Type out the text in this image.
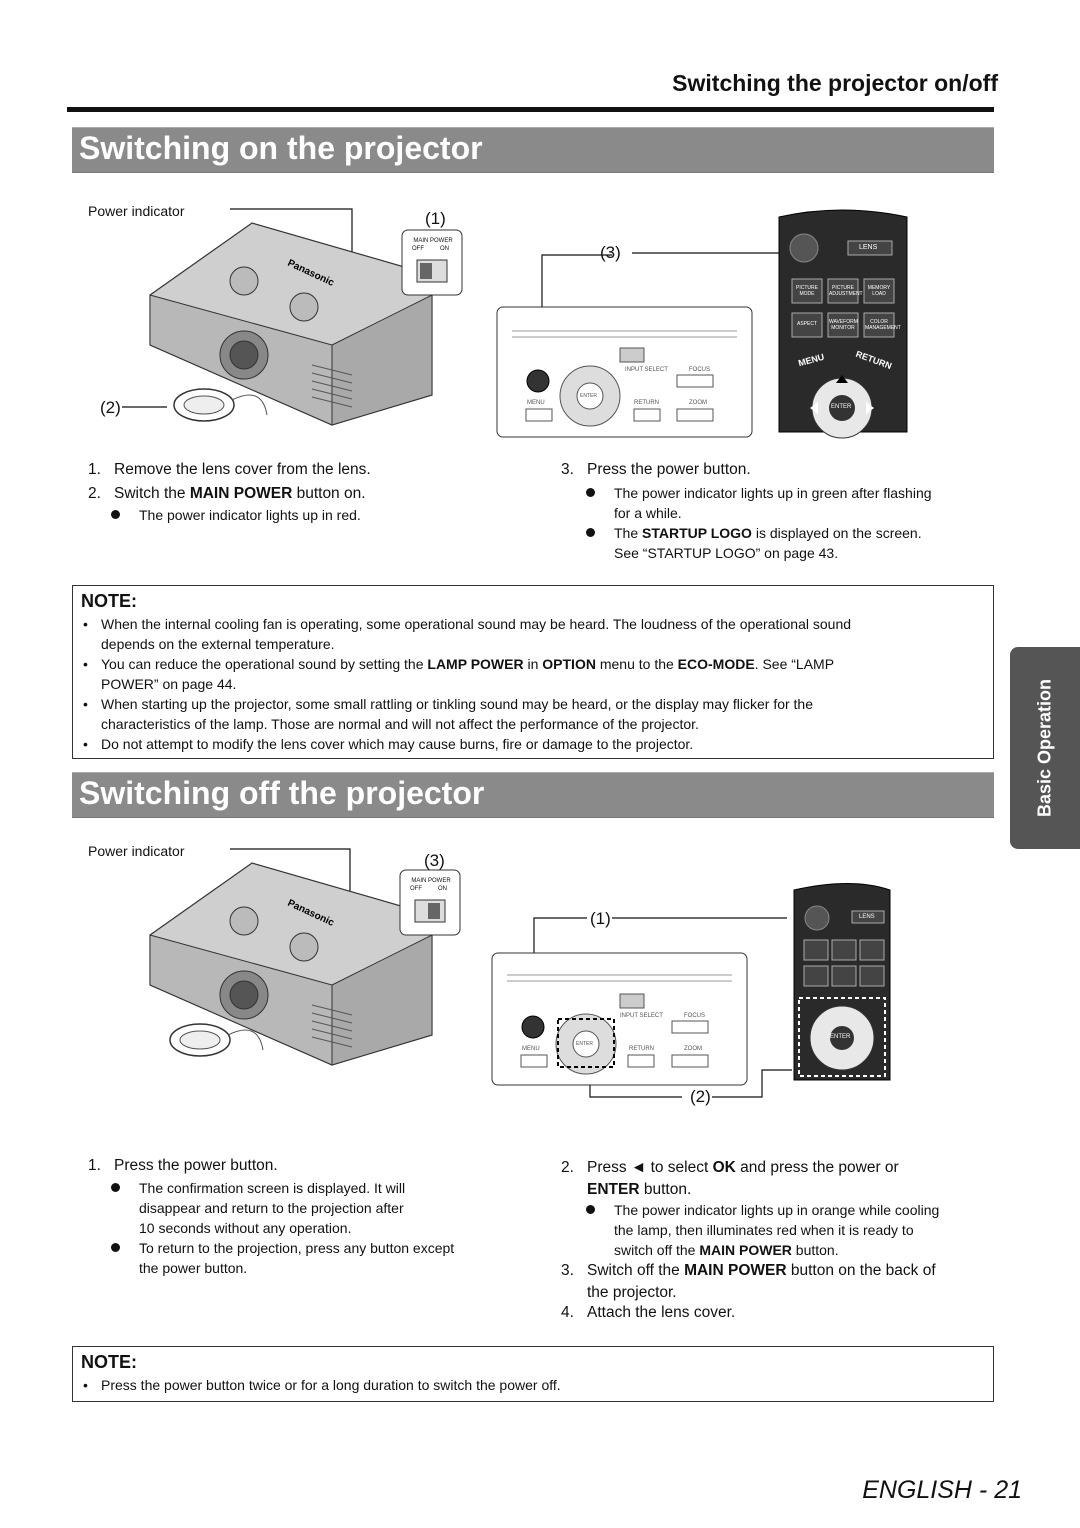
Switching the projector on/off
Switching on the projector
Power indicator
Panasonic
(1)
(2)
(3)
MAIN POWER
OFF	ON
INPUT SELECT	FOCUS
ZOOM
MENU	RETURN
ENTER
LENS
PICTURE MODE
PICTURE ADJUSTMENT
MEMORY LOAD
ASPECT	WAVEFORM MONITOR
COLOR MANAGEMENT
MENU	RETURN
ENTER
1. Remove the lens cover from the lens.
2. Switch the MAIN POWER button on.
The power indicator lights up in red.
3. Press the power button.
The power indicator lights up in green after flashing
for a while.
The STARTUP LOGO is displayed on the screen.
See “STARTUP LOGO” on page 43.
NOTE:
• When the internal cooling fan is operating, some operational sound may be heard. The loudness of the operational sound
depends on the external temperature.
• You can reduce the operational sound by setting the LAMP POWER in OPTION menu to the ECO-MODE. See “LAMP
POWER” on page 44.
• When starting up the projector, some small rattling or tinkling sound may be heard, or the display may flicker for the
characteristics of the lamp. Those are normal and will not affect the performance of the projector.
• Do not attempt to modify the lens cover which may cause burns, fire or damage to the projector.
Switching off the projector
Power indicator
Panasonic
(3)
(1)
(2)
MAIN POWER
OFF	ON
INPUT SELECT	FOCUS
ZOOM
MENU	RETURN
ENTER
LENS
ENTER
1. Press the power button.
The confirmation screen is displayed. It will
disappear and return to the projection after
10 seconds without any operation.
To return to the projection, press any button except
the power button.
2. Press ◄ to select OK and press the power or
ENTER button.
The power indicator lights up in orange while cooling
the lamp, then illuminates red when it is ready to
switch off the MAIN POWER button.
3. Switch off the MAIN POWER button on the back of
the projector.
4. Attach the lens cover.
NOTE:
• Press the power button twice or for a long duration to switch the power off.
Basic Operation
ENGLISH - 21
